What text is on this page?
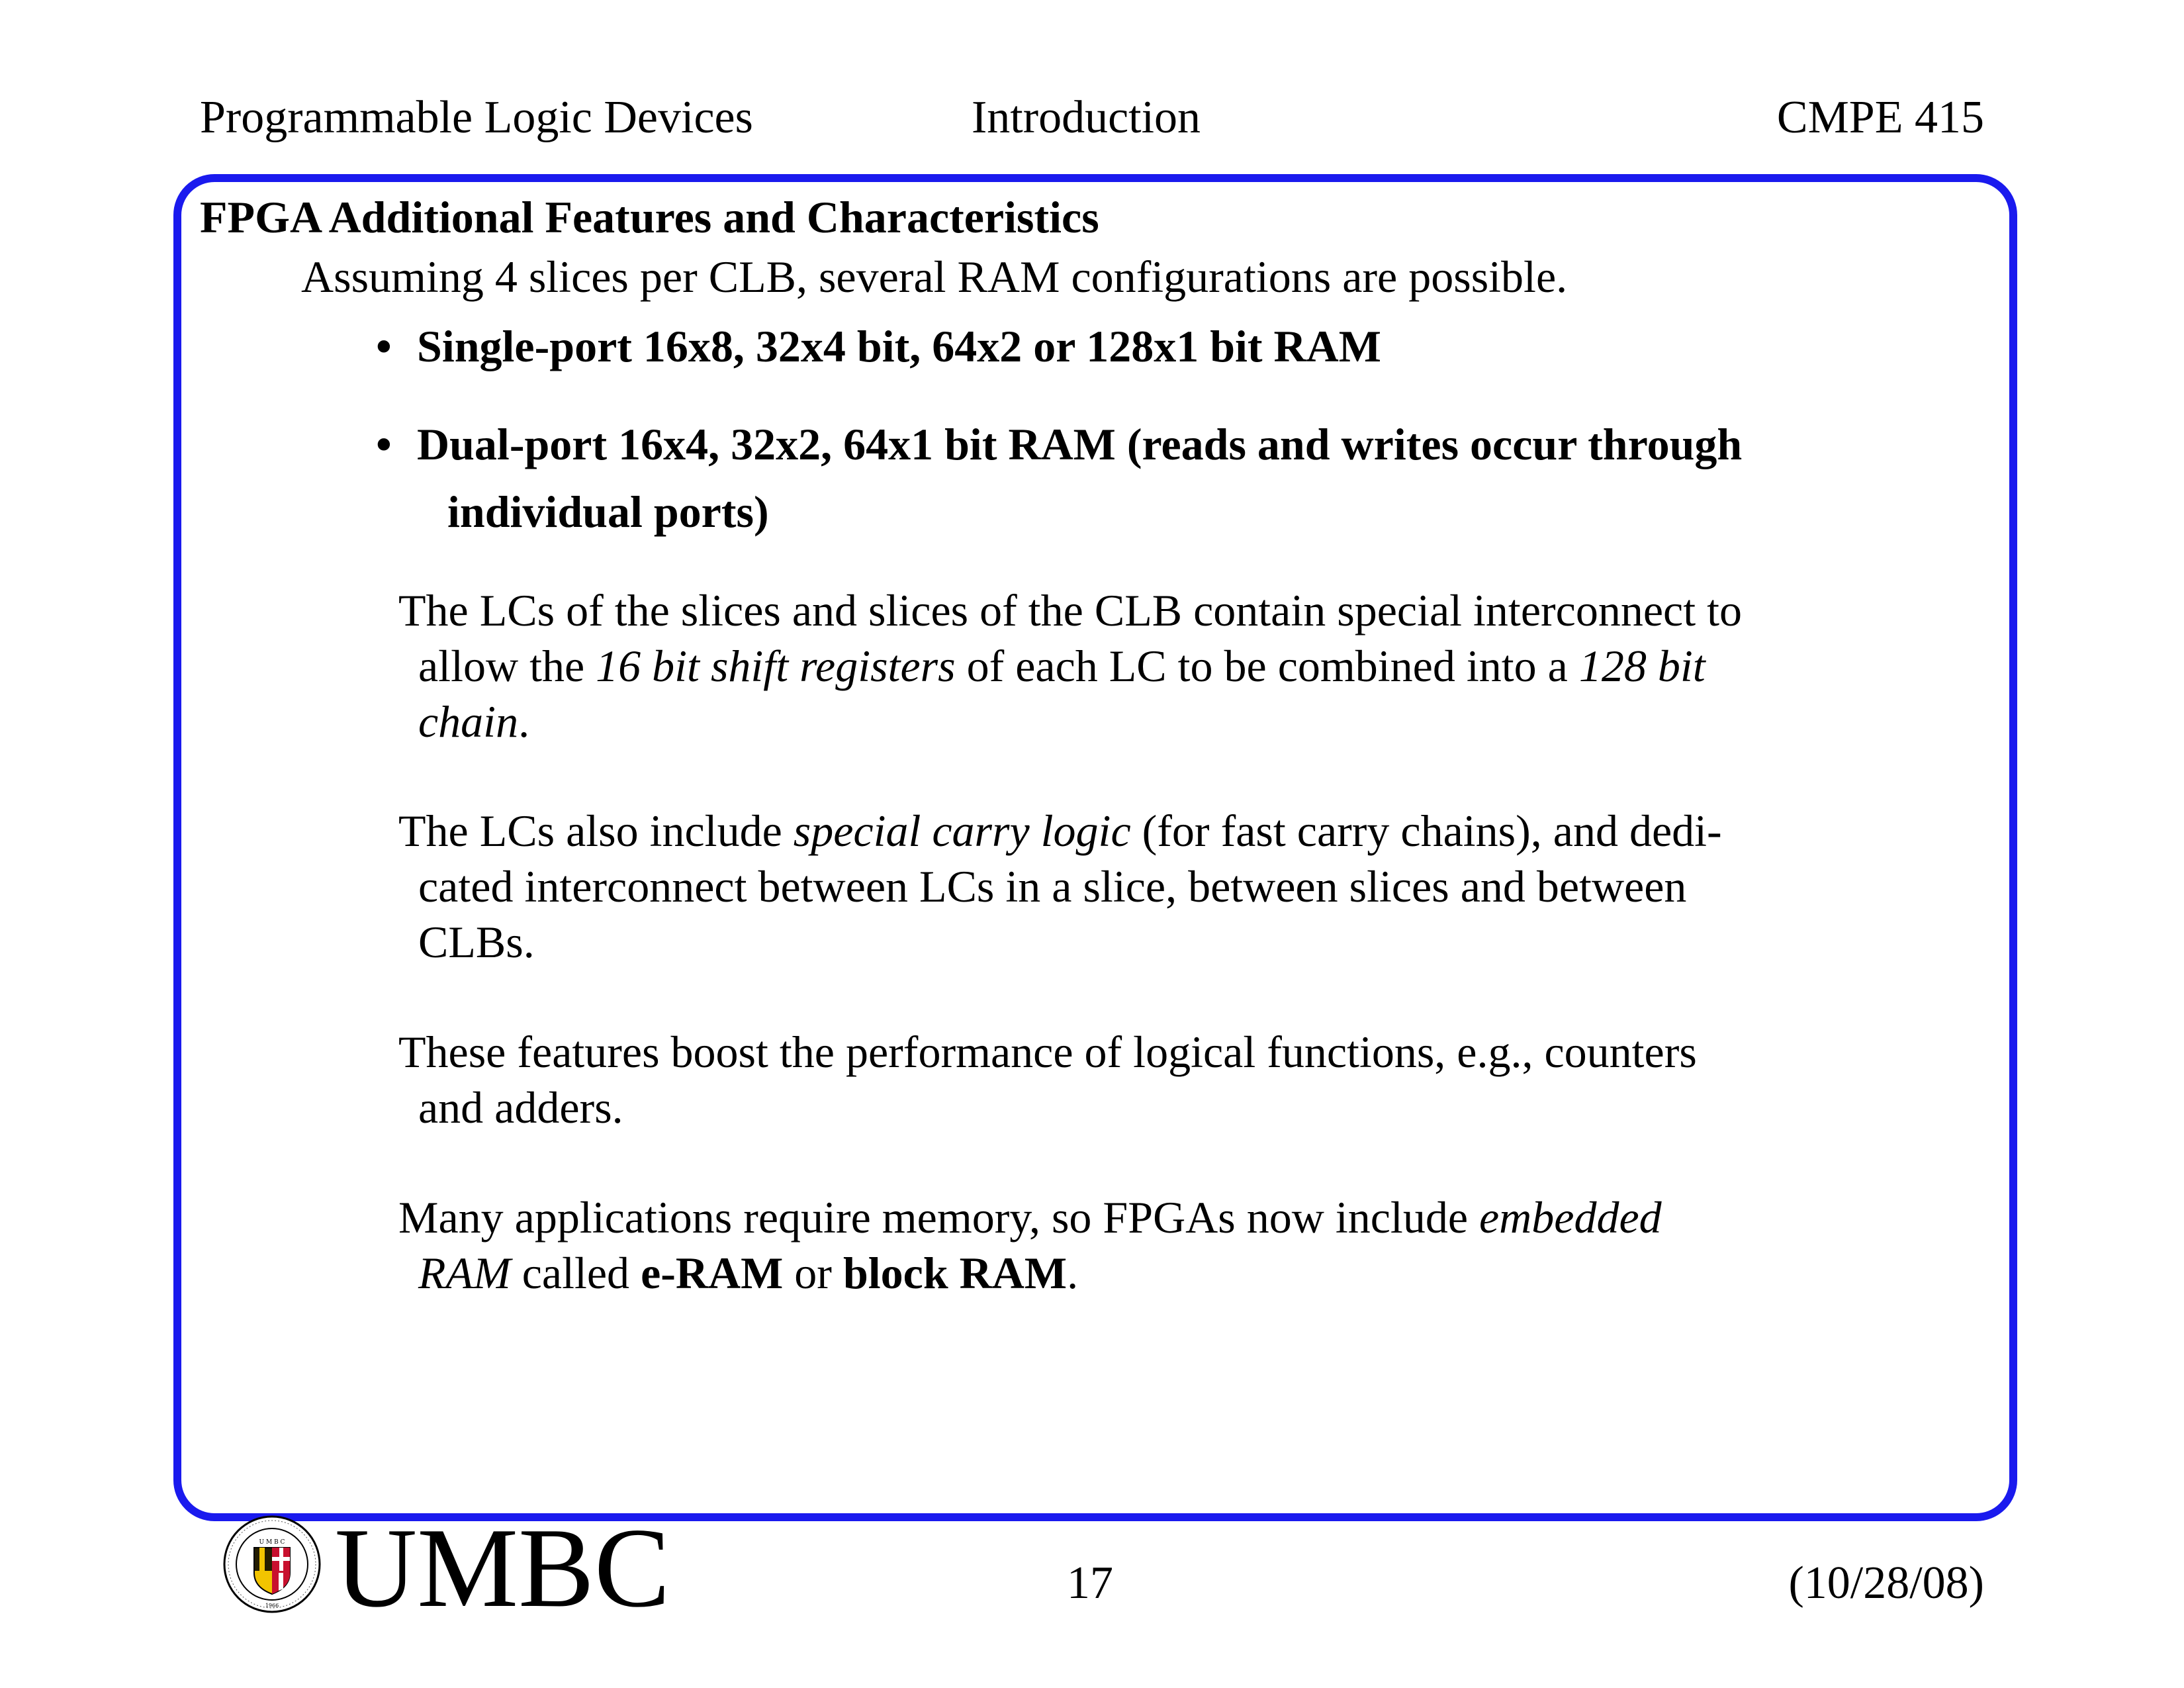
Programmable Logic Devices	Introduction	CMPE 415
FPGA Additional Features and Characteristics
Assuming 4 slices per CLB, several RAM configurations are possible.
• Single-port 16x8, 32x4 bit, 64x2 or 128x1 bit RAM
• Dual-port 16x4, 32x2, 64x1 bit RAM (reads and writes occur through
individual ports)
The LCs of the slices and slices of the CLB contain special interconnect to
allow the 16 bit shift registers of each LC to be combined into a 128 bit
chain.
The LCs also include special carry logic (for fast carry chains), and dedi-
cated interconnect between LCs in a slice, between slices and between
CLBs.
These features boost the performance of logical functions, e.g., counters
and adders.
Many applications require memory, so FPGAs now include embedded
RAM called e-RAM or block RAM.
U M B C
1966 UMBC	17	(10/28/08)
